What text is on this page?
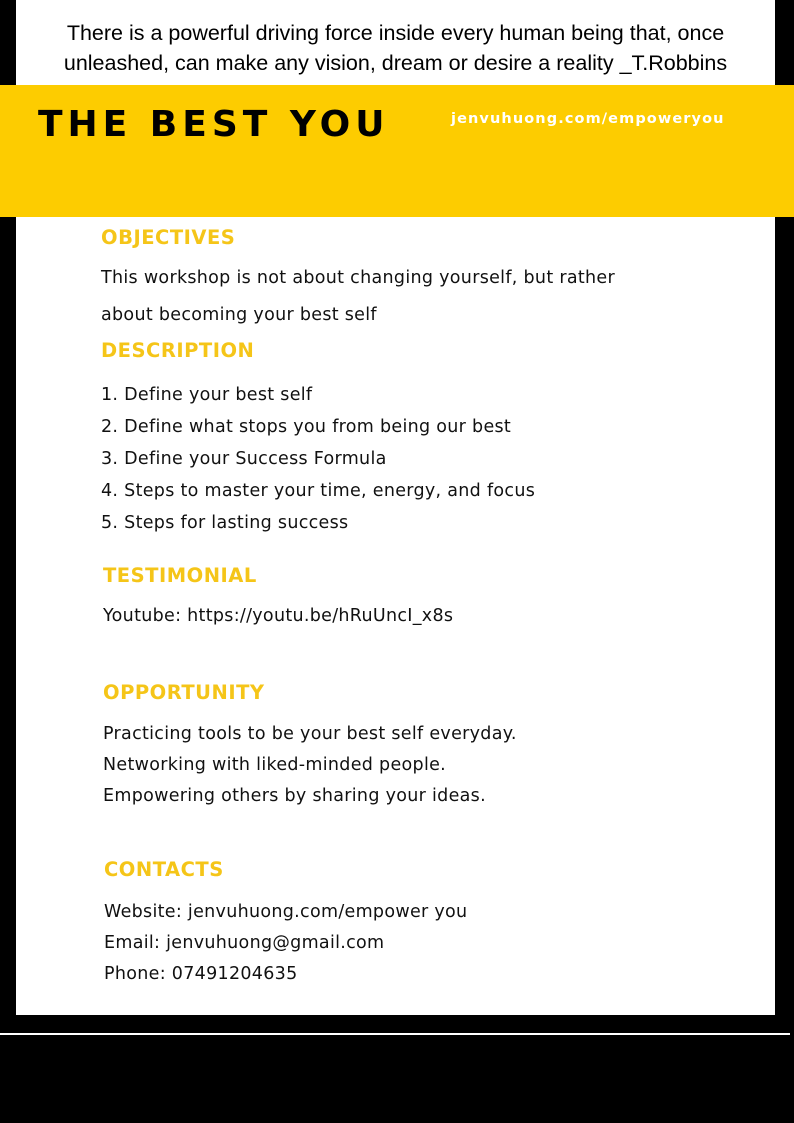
There is a powerful driving force inside every human being that, once
unleashed, can make any vision, dream or desire a reality _T.Robbins
THE BEST YOU	jenvuhuong.com/empoweryou
OBJECTIVES
This workshop is not about changing yourself, but rather
about becoming your best self
DESCRIPTION
1. Define your best self
2. Define what stops you from being our best
3. Define your Success Formula
4. Steps to master your time, energy, and focus
5. Steps for lasting success
TESTIMONIAL
Youtube: https://youtu.be/hRuUncI_x8s
OPPORTUNITY
Practicing tools to be your best self everyday.
Networking with liked-minded people.
Empowering others by sharing your ideas.
CONTACTS
Website: jenvuhuong.com/empower you
Email: jenvuhuong@gmail.com
Phone: 07491204635
